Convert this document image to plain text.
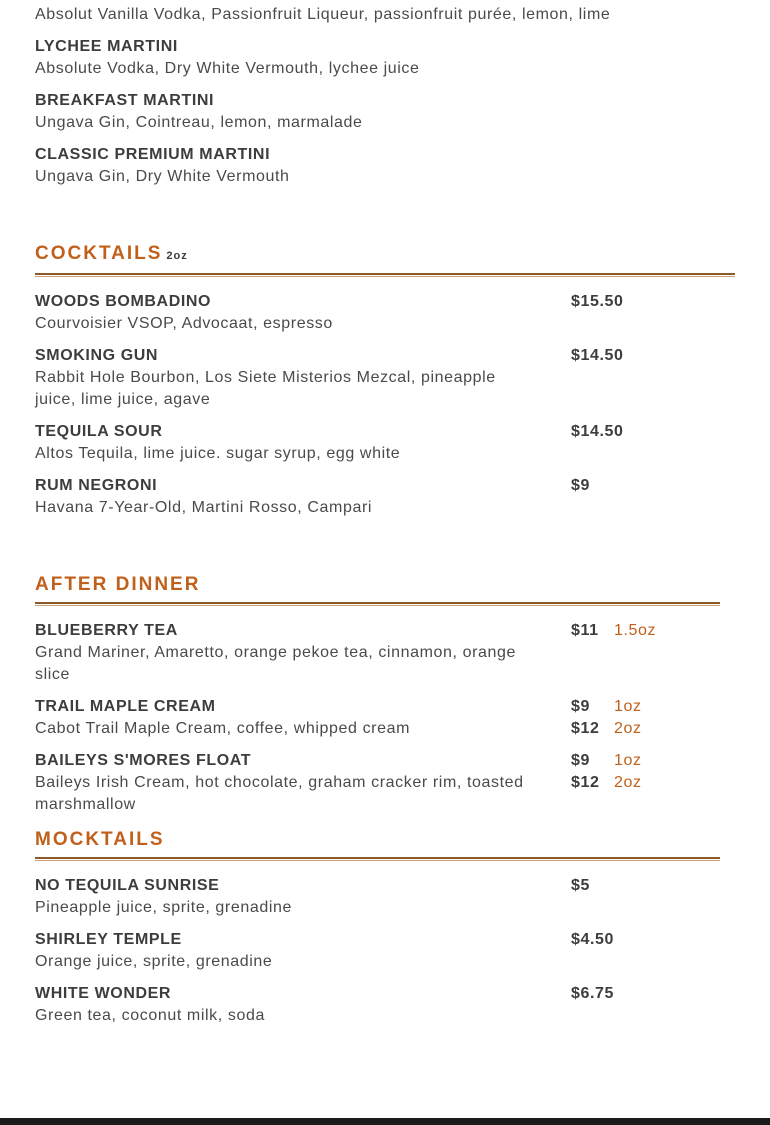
Absolut Vanilla Vodka, Passionfruit Liqueur, passionfruit purée, lemon, lime
LYCHEE MARTINI
Absolute Vodka, Dry White Vermouth, lychee juice
BREAKFAST MARTINI
Ungava Gin, Cointreau, lemon, marmalade
CLASSIC PREMIUM MARTINI
Ungava Gin, Dry White Vermouth
COCKTAILS 2oz
WOODS BOMBADINO	$15.50
Courvoisier VSOP, Advocaat, espresso
SMOKING GUN	$14.50
Rabbit Hole Bourbon, Los Siete Misterios Mezcal, pineapple juice, lime juice, agave
TEQUILA SOUR	$14.50
Altos Tequila, lime juice. sugar syrup, egg white
RUM NEGRONI	$9
Havana 7-Year-Old, Martini Rosso, Campari
AFTER DINNER
BLUEBERRY TEA	$11 1.5oz
Grand Mariner, Amaretto, orange pekoe tea, cinnamon, orange slice
TRAIL MAPLE CREAM	$9 1oz
$12 2oz
Cabot Trail Maple Cream, coffee, whipped cream
BAILEYS S'MORES FLOAT	$9 1oz
$12 2oz
Baileys Irish Cream, hot chocolate, graham cracker rim, toasted marshmallow
MOCKTAILS
NO TEQUILA SUNRISE	$5
Pineapple juice, sprite, grenadine
SHIRLEY TEMPLE	$4.50
Orange juice, sprite, grenadine
WHITE WONDER	$6.75
Green tea, coconut milk, soda
